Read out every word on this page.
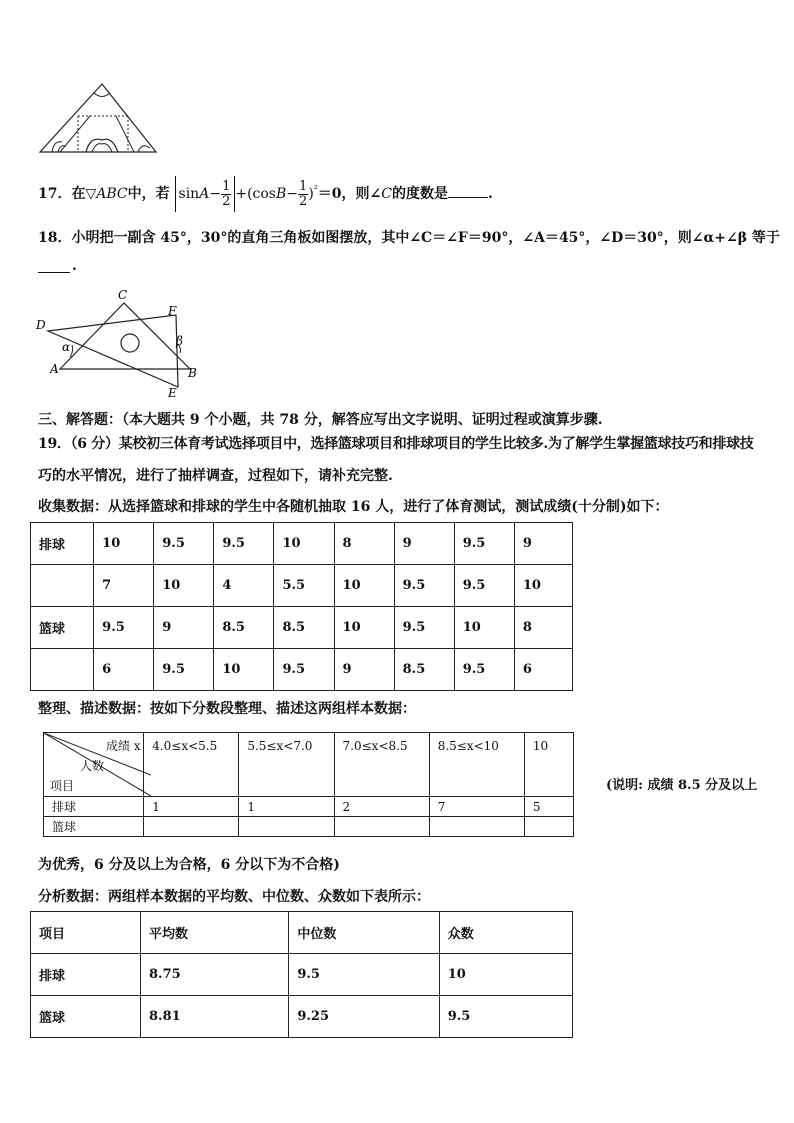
17．在▽ABC中，若 $\sin A- \frac{1}{2} +(\cos B- \frac{1}{2} )^{^2}=0$，则∠C的度数是	.
18．小明把一副含 45°，30°的直角三角板如图摆放，其中∠C＝∠F＝90°，∠A＝45°，∠D＝30°，则∠α+∠β 等于
.
C
F
D
α	β
A	B
E
三、解答题：（本大题共 9 个小题，共 78 分，解答应写出文字说明、证明过程或演算步骤.
19．（6 分）某校初三体育考试选择项目中，选择篮球项目和排球项目的学生比较多.为了解学生掌握篮球技巧和排球技
巧的水平情况，进行了抽样调查，过程如下，请补充完整.
收集数据：从选择篮球和排球的学生中各随机抽取 16 人，进行了体育测试，测试成绩(十分制)如下：
排球	10	9.5	9.5	10	8	9	9.5	9
	7	10	4	5.5	10	9.5	9.5	10
篮球	9.5	9	8.5	8.5	10	9.5	10	8
	6	9.5	10	9.5	9	8.5	9.5	6
整理、描述数据：按如下分数段整理、描述这两组样本数据：
成绩 x
人数
项目	4.0≤x<5.5	5.5≤x<7.0	7.0≤x<8.5	8.5≤x<10	10
排球	1	1	2	7	5
篮球					
(说明: 成绩 8.5 分及以上
为优秀，6 分及以上为合格，6 分以下为不合格)
分析数据：两组样本数据的平均数、中位数、众数如下表所示：
项目	平均数	中位数	众数
排球	8.75	9.5	10
篮球	8.81	9.25	9.5
